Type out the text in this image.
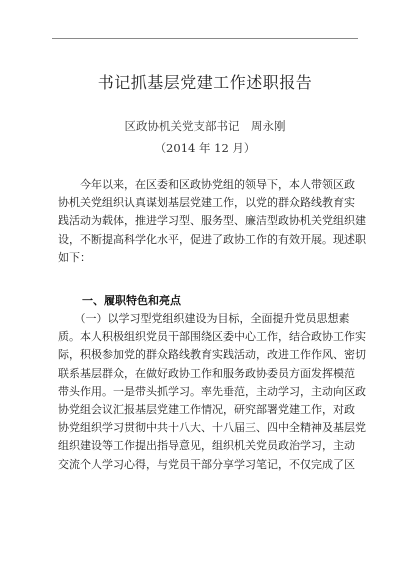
书记抓基层党建工作述职报告
区政协机关党支部书记　周永刚
（2014 年 12 月）
　　今年以来，在区委和区政协党组的领导下，本人带领区政
协机关党组织认真谋划基层党建工作，以党的群众路线教育实
践活动为载体，推进学习型、服务型、廉洁型政协机关党组织建
设，不断提高科学化水平，促进了政协工作的有效开展。现述职
如下：
一、履职特色和亮点
　　（一）以学习型党组织建设为目标，全面提升党员思想素
质。本人积极组织党员干部围绕区委中心工作，结合政协工作实
际，积极参加党的群众路线教育实践活动，改进工作作风、密切
联系基层群众，在做好政协工作和服务政协委员方面发挥模范
带头作用。一是带头抓学习。率先垂范，主动学习，主动向区政
协党组会议汇报基层党建工作情况，研究部署党建工作，对政
协党组织学习贯彻中共十八大、十八届三、四中全精神及基层党
组织建设等工作提出指导意见，组织机关党员政治学习，主动
交流个人学习心得，与党员干部分享学习笔记，不仅完成了区
